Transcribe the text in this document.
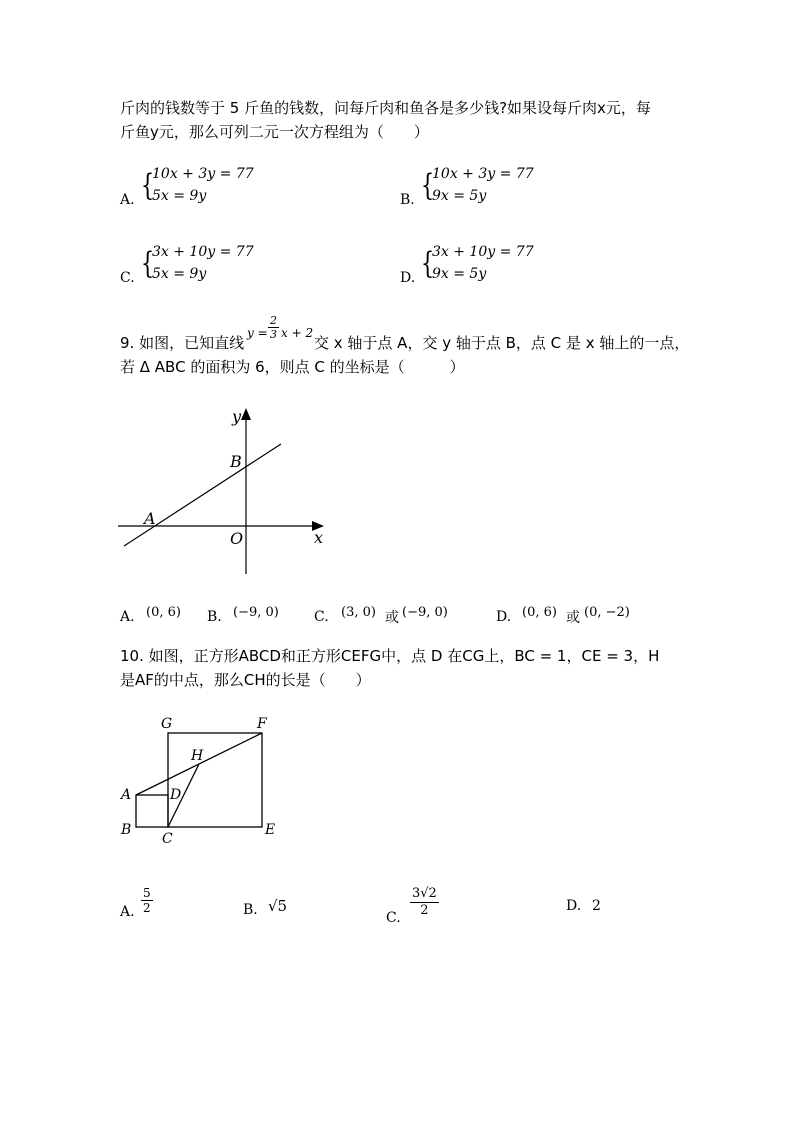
斤肉的钱数等于 5 斤鱼的钱数，问每斤肉和鱼各是多少钱?如果设每斤肉x元，每
斤鱼y元，那么可列二元一次方程组为（　　）
A. {
10x + 3y = 77
5x = 9y	B. {
10x + 3y = 77
9x = 5y
C. {
3x + 10y = 77
5x = 9y	D. {
3x + 10y = 77
9x = 5y
9. 如图，已知直线
$y = \frac{2}{3}$ x + 2
交 x 轴于点 A，交 y 轴于点 B，点 C 是 x 轴上的一点，
若 Δ ABC 的面积为 6，则点 C 的坐标是（　　　）
y
x
B
A
O
A. (0, 6) B. (−9, 0)	C. (3, 0) 或 (−9, 0)	D. (0, 6) 或 (0, −2)
10. 如图，正方形ABCD和正方形CEFG中，点 D 在CG上，BC = 1，CE = 3，H
是AF的中点，那么CH的长是（　　）
G	F
H
A	D
B
C
E
A. $\frac{5}{2}$	B. √5
C. $\frac{3√2}{2}$	D. 2
